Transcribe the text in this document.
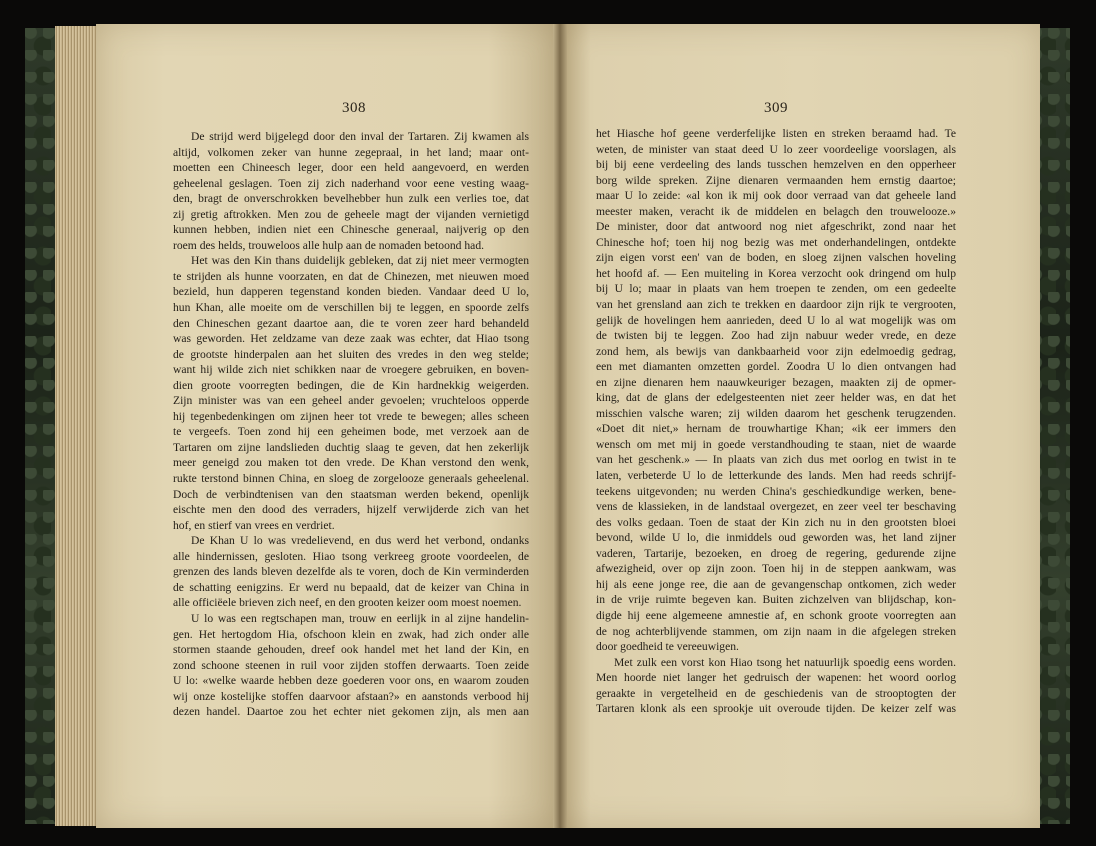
308	309
De strijd werd bijgelegd door den inval der Tartaren. Zij kwamen als
altijd, volkomen zeker van hunne zegepraal, in het land; maar ont-
moetten een Chineesch leger, door een held aangevoerd, en werden
geheelenal geslagen. Toen zij zich naderhand voor eene vesting waag-
den, bragt de onverschrokken bevelhebber hun zulk een verlies toe, dat
zij gretig aftrokken. Men zou de geheele magt der vijanden vernietigd
kunnen hebben, indien niet een Chinesche generaal, naijverig op den
roem des helds, trouweloos alle hulp aan de nomaden betoond had.
Het was den Kin thans duidelijk gebleken, dat zij niet meer vermogten
te strijden als hunne voorzaten, en dat de Chinezen, met nieuwen moed
bezield, hun dapperen tegenstand konden bieden. Vandaar deed U lo,
hun Khan, alle moeite om de verschillen bij te leggen, en spoorde zelfs
den Chineschen gezant daartoe aan, die te voren zeer hard behandeld
was geworden. Het zeldzame van deze zaak was echter, dat Hiao tsong
de grootste hinderpalen aan het sluiten des vredes in den weg stelde;
want hij wilde zich niet schikken naar de vroegere gebruiken, en boven-
dien groote voorregten bedingen, die de Kin hardnekkig weigerden.
Zijn minister was van een geheel ander gevoelen; vruchteloos opperde
hij tegenbedenkingen om zijnen heer tot vrede te bewegen; alles scheen
te vergeefs. Toen zond hij een geheimen bode, met verzoek aan de
Tartaren om zijne landslieden duchtig slaag te geven, dat hen zekerlijk
meer geneigd zou maken tot den vrede. De Khan verstond den wenk,
rukte terstond binnen China, en sloeg de zorgelooze generaals geheelenal.
Doch de verbindtenisen van den staatsman werden bekend, openlijk
eischte men den dood des verraders, hijzelf verwijderde zich van het
hof, en stierf van vrees en verdriet.
De Khan U lo was vredelievend, en dus werd het verbond, ondanks
alle hindernissen, gesloten. Hiao tsong verkreeg groote voordeelen, de
grenzen des lands bleven dezelfde als te voren, doch de Kin verminderden
de schatting eenigzins. Er werd nu bepaald, dat de keizer van China in
alle officiëele brieven zich neef, en den grooten keizer oom moest noemen.
U lo was een regtschapen man, trouw en eerlijk in al zijne handelin-
gen. Het hertogdom Hia, ofschoon klein en zwak, had zich onder alle
stormen staande gehouden, dreef ook handel met het land der Kin, en
zond schoone steenen in ruil voor zijden stoffen derwaarts. Toen zeide
U lo: «welke waarde hebben deze goederen voor ons, en waarom zouden
wij onze kostelijke stoffen daarvoor afstaan?» en aanstonds verbood hij
dezen handel. Daartoe zou het echter niet gekomen zijn, als men aan
het Hiasche hof geene verderfelijke listen en streken beraamd had. Te
weten, de minister van staat deed U lo zeer voordeelige voorslagen, als
bij bij eene verdeeling des lands tusschen hemzelven en den opperheer
borg wilde spreken. Zijne dienaren vermaanden hem ernstig daartoe;
maar U lo zeide: «al kon ik mij ook door verraad van dat geheele land
meester maken, veracht ik de middelen en belagch den trouwelooze.»
De minister, door dat antwoord nog niet afgeschrikt, zond naar het
Chinesche hof; toen hij nog bezig was met onderhandelingen, ontdekte
zijn eigen vorst een' van de boden, en sloeg zijnen valschen hoveling
het hoofd af. — Een muiteling in Korea verzocht ook dringend om hulp
bij U lo; maar in plaats van hem troepen te zenden, om een gedeelte
van het grensland aan zich te trekken en daardoor zijn rijk te vergrooten,
gelijk de hovelingen hem aanrieden, deed U lo al wat mogelijk was om
de twisten bij te leggen. Zoo had zijn nabuur weder vrede, en deze
zond hem, als bewijs van dankbaarheid voor zijn edelmoedig gedrag,
een met diamanten omzetten gordel. Zoodra U lo dien ontvangen had
en zijne dienaren hem naauwkeuriger bezagen, maakten zij de opmer-
king, dat de glans der edelgesteenten niet zeer helder was, en dat het
misschien valsche waren; zij wilden daarom het geschenk terugzenden.
«Doet dit niet,» hernam de trouwhartige Khan; «ik eer immers den
wensch om met mij in goede verstandhouding te staan, niet de waarde
van het geschenk.» — In plaats van zich dus met oorlog en twist in te
laten, verbeterde U lo de letterkunde des lands. Men had reeds schrijf-
teekens uitgevonden; nu werden China's geschiedkundige werken, bene-
vens de klassieken, in de landstaal overgezet, en zeer veel ter beschaving
des volks gedaan. Toen de staat der Kin zich nu in den grootsten bloei
bevond, wilde U lo, die inmiddels oud geworden was, het land zijner
vaderen, Tartarije, bezoeken, en droeg de regering, gedurende zijne
afwezigheid, over op zijn zoon. Toen hij in de steppen aankwam, was
hij als eene jonge ree, die aan de gevangenschap ontkomen, zich weder
in de vrije ruimte begeven kan. Buiten zichzelven van blijdschap, kon-
digde hij eene algemeene amnestie af, en schonk groote voorregten aan
de nog achterblijvende stammen, om zijn naam in die afgelegen streken
door goedheid te vereeuwigen.
Met zulk een vorst kon Hiao tsong het natuurlijk spoedig eens worden.
Men hoorde niet langer het gedruisch der wapenen: het woord oorlog
geraakte in vergetelheid en de geschiedenis van de strooptogten der
Tartaren klonk als een sprookje uit overoude tijden. De keizer zelf was
